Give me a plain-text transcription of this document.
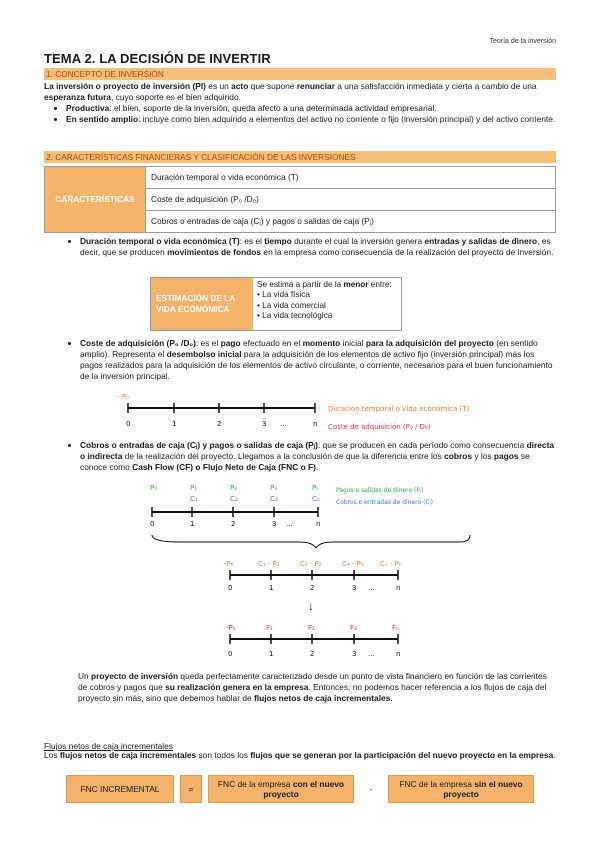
Teoría de la inversión
TEMA 2. LA DECISIÓN DE INVERTIR
1. CONCEPTO DE INVERSIÓN
La inversión o proyecto de inversión (PI) es un acto que supone renunciar a una satisfacción inmediata y cierta a cambio de una esperanza futura, cuyo soporte es el bien adquirido.
• Productiva: el bien, soporte de la inversión, queda afecto a una determinada actividad empresarial.
• En sentido amplio: incluye como bien adquirido a elementos del activo no corriente o fijo (inversión principal) y del activo corriente.
2. CARACTERÍSTICAS FINANCIERAS Y CLASIFICACIÓN DE LAS INVERSIONES
CARACTERÍSTICAS	Duración temporal o vida económica (T)
Coste de adquisición (P₀ /D₀)
Cobros o entradas de caja (Cⱼ) y pagos o salidas de caja (Pⱼ)
• Duración temporal o vida económica (T): es el tiempo durante el cual la inversión genera entradas y salidas de dinero, es decir, que se producen movimientos de fondos en la empresa como consecuencia de la realización del proyecto de inversión.
ESTIMACIÓN DE LA VIDA ECONÓMICA
Se estima a partir de la menor entre:
• La vida física
• La vida comercial
• La vida tecnológica
• Coste de adquisición (P₀ /D₀): es el pago efectuado en el momento inicial para la adquisición del proyecto (en sentido amplio). Representa el desembolso inicial para la adquisición de los elementos de activo fijo (inversión principal) más los pagos realizados para la adquisición de los elementos de activo circulante, o corriente, necesarios para el buen funcionamiento de la inversión principal.
- P₀
0	1	2	3 ...	n
Duración temporal o vida económica (T)
Coste de adquisición (P₀ / D₀)
• Cobros o entradas de caja (Cⱼ) y pagos o salidas de caja (Pⱼ): que se producen en cada período como consecuencia directa o indirecta de la realización del proyecto. Llegamos a la conclusión de que la diferencia entre los cobros y los pagos se conoce como Cash Flow (CF) o Flujo Neto de Caja (FNC o F).
P₀	P₁	P₂	P₃	Pₙ
C₁	C₂	C₃	Cₙ
Pagos o salidas de dinero (Pⱼ)
Cobros o entradas de dinero (Cⱼ)
0	1	2	3 ...	n
-P₀	C₁ - P₁	C₂ - P₂	C₃ - P₃ Cₙ - Pₙ
0	1	2	3 ...	n
↓
-P₀	F₁	F₂	F₃	Fₙ
0	1	2	3 ...	n
Un proyecto de inversión queda perfectamente caracterizado desde un punto de vista financiero en función de las corrientes de cobros y pagos que su realización genera en la empresa. Entonces, no podemos hacer referencia a los flujos de caja del proyecto sin más, sino que debemos hablar de flujos netos de caja incrementales.
Flujos netos de caja incrementales
Los flujos netos de caja incrementales son todos los flujos que se generan por la participación del nuevo proyecto en la empresa.
FNC INCREMENTAL	=
FNC de la empresa con el nuevo proyecto
-
FNC de la empresa sin el nuevo proyecto
